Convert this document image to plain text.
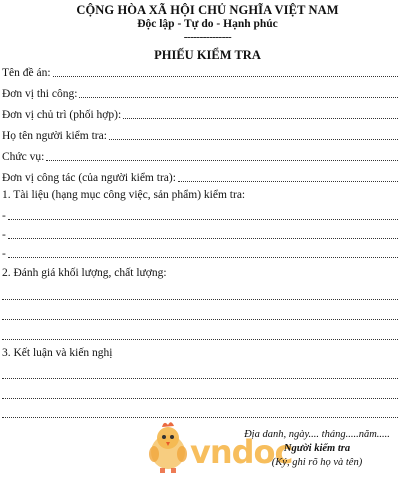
CỘNG HÒA XÃ HỘI CHỦ NGHĨA VIỆT NAM
Độc lập - Tự do - Hạnh phúc
---------------
PHIẾU KIỂM TRA
Tên đề án:
Đơn vị thi công:
Đơn vị chủ trì (phối hợp):
Họ tên người kiểm tra:
Chức vụ:
Đơn vị công tác (của người kiểm tra):
1. Tài liệu (hạng mục công việc, sản phẩm) kiểm tra:
-
-
-
2. Đánh giá khối lượng, chất lượng:
3. Kết luận và kiến nghị
vndoc
Địa danh, ngày.... tháng.....năm.....
Người kiểm tra
(Ký, ghi rõ họ và tên)
